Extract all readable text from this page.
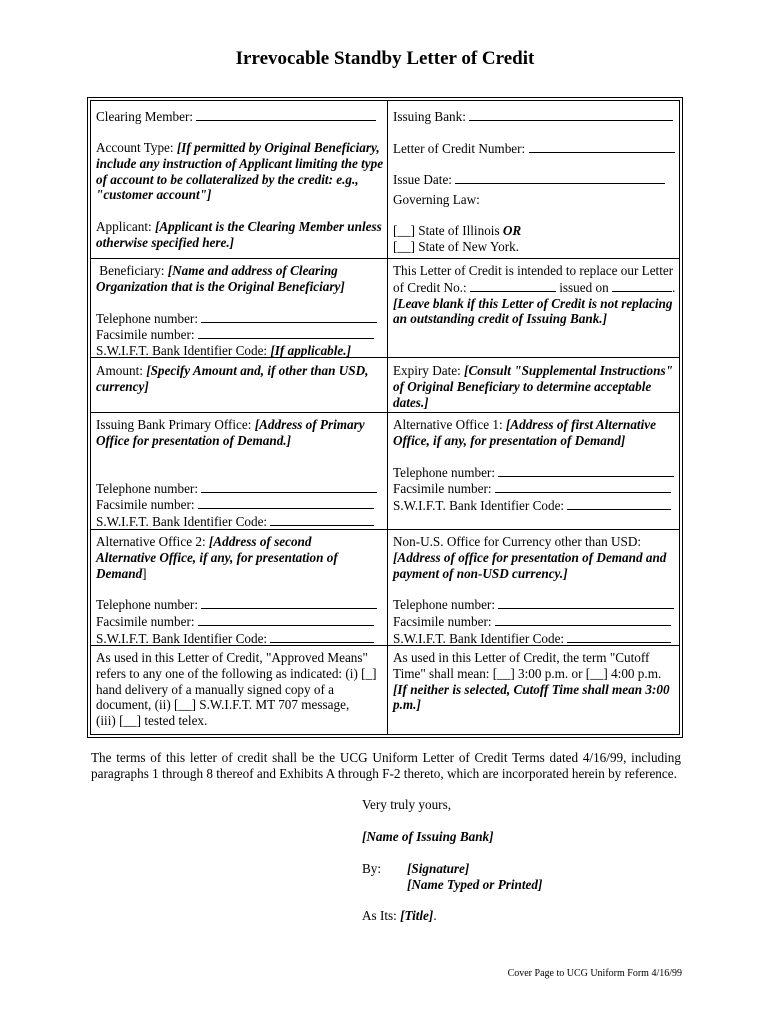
Irrevocable Standby Letter of Credit
Clearing Member:
Account Type: [If permitted by Original Beneficiary,
include any instruction of Applicant limiting the type
of account to be collateralized by the credit: e.g.,
"customer account"]
Applicant: [Applicant is the Clearing Member unless
otherwise specified here.]
Beneficiary: [Name and address of Clearing
Organization that is the Original Beneficiary]
Telephone number:
Facsimile number:
S.W.I.F.T. Bank Identifier Code: [If applicable.]
Amount: [Specify Amount and, if other than USD,
currency]
Issuing Bank Primary Office: [Address of Primary
Office for presentation of Demand.]
Telephone number:
Facsimile number:
S.W.I.F.T. Bank Identifier Code:
Alternative Office 2: [Address of second
Alternative Office, if any, for presentation of
Demand]
Telephone number:
Facsimile number:
S.W.I.F.T. Bank Identifier Code:
As used in this Letter of Credit, "Approved Means"
refers to any one of the following as indicated: (i) [_]
hand delivery of a manually signed copy of a
document, (ii) [__] S.W.I.F.T. MT 707 message,
(iii) [__] tested telex.
Issuing Bank:
Letter of Credit Number:
Issue Date:
Governing Law:
[__] State of Illinois OR
[__] State of New York.
This Letter of Credit is intended to replace our Letter
of Credit No.:	issued on	.
[Leave blank if this Letter of Credit is not replacing
an outstanding credit of Issuing Bank.]
Expiry Date: [Consult "Supplemental Instructions"
of Original Beneficiary to determine acceptable
dates.]
Alternative Office 1: [Address of first Alternative
Office, if any, for presentation of Demand]
Telephone number:
Facsimile number:
S.W.I.F.T. Bank Identifier Code:
Non-U.S. Office for Currency other than USD:
[Address of office for presentation of Demand and
payment of non-USD currency.]
Telephone number:
Facsimile number:
S.W.I.F.T. Bank Identifier Code:
As used in this Letter of Credit, the term "Cutoff
Time" shall mean: [__] 3:00 p.m. or [__] 4:00 p.m.
[If neither is selected, Cutoff Time shall mean 3:00
p.m.]
The terms of this letter of credit shall be the UCG Uniform Letter of Credit Terms dated 4/16/99, including paragraphs 1 through 8 thereof and Exhibits A through F-2 thereto, which are incorporated herein by reference.
Very truly yours,
[Name of Issuing Bank]
By: [Signature]
[Name Typed or Printed]
As Its: [Title].
Cover Page to UCG Uniform Form 4/16/99
